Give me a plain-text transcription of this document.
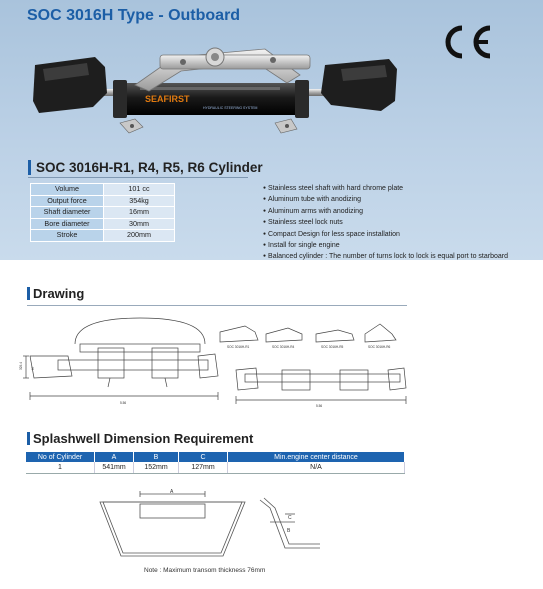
SOC 3016H Type - Outboard
SEAFIRST
HYDRAULIC STEERING SYSTEM
SOC 3016H-R1, R4, R5, R6 Cylinder
Volume	101 cc
Output force	354kg
Shaft diameter	16mm
Bore diameter	30mm
Stroke	200mm
● Stainless steel shaft with hard chrome plate
● Aluminum tube with anodizing
● Aluminum arms with anodizing
● Stainless steel lock nuts
● Compact Design for less space installation
● Install for single engine
● Balanced cylinder : The number of turns lock to lock is equal port to starboard
Drawing
SOC 3016H-R1	SOC 3016H-R4	SOC 3016H-R5	SOC 3016H-R6
5.56
5.56
329.4	97
Splashwell Dimension Requirement
No of Cylinder	A	B	C	Min.engine center distance
1	541mm	152mm	127mm	N/A
A
B
C
Note : Maximum transom thickness 76mm
